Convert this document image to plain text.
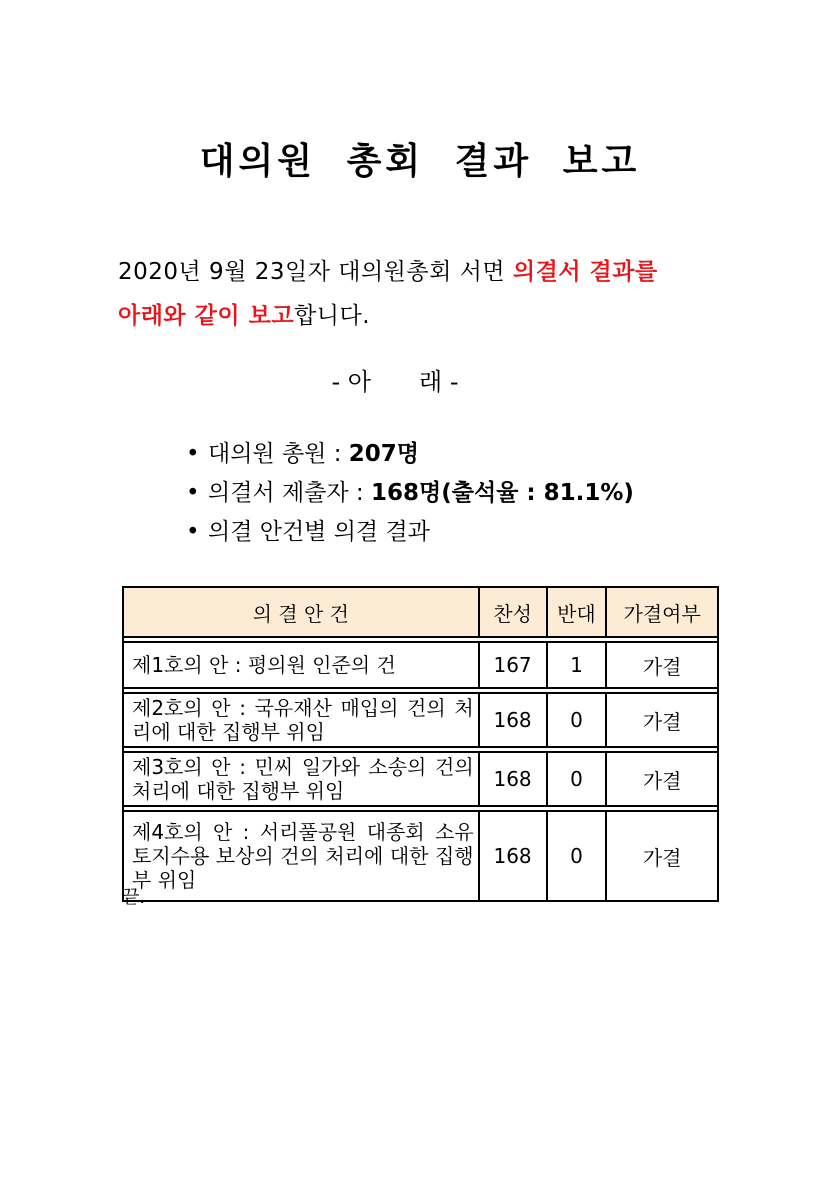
대의원 총회 결과 보고
2020년 9월 23일자 대의원총회 서면 의결서 결과를
아래와 같이 보고합니다.
- 아 래 -
• 대의원 총원 : 207명
• 의결서 제출자 : 168명(출석율 : 81.1%)
• 의결 안건별 의결 결과
의 결 안 건	찬성	반대	가결여부

제1호의 안 : 평의원 인준의 건	167	1	가결

제2호의 안 : 국유재산 매입의 건의 처리에 대한 집행부 위임	168	0	가결

제3호의 안 : 민씨 일가와 소송의 건의 처리에 대한 집행부 위임	168	0	가결

제4호의 안 : 서리풀공원 대종회 소유 토지수용 보상의 건의 처리에 대한 집행부 위임	168	0	가결
끝.
